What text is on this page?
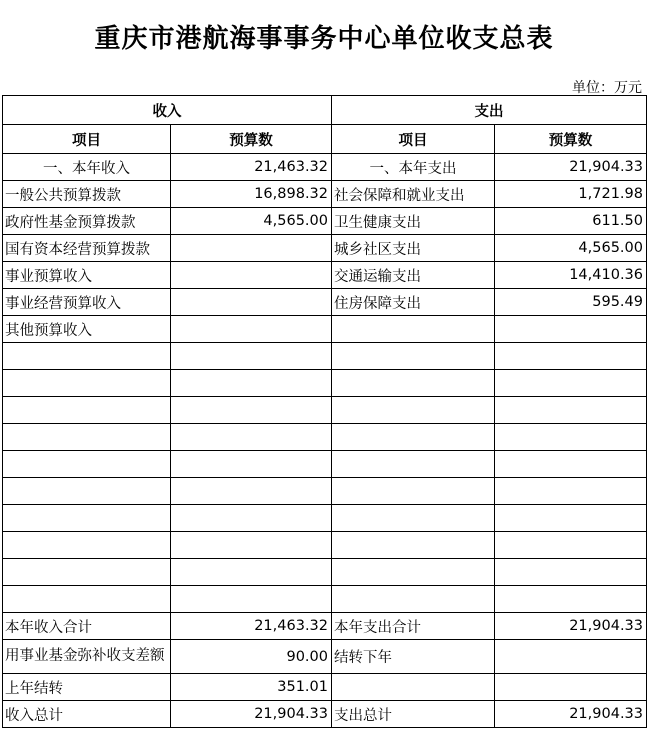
重庆市港航海事事务中心单位收支总表
单位：万元
收入		支出	
项目	预算数	项目	预算数
一、本年收入	21,463.32	一、本年支出	21,904.33
一般公共预算拨款	16,898.32	社会保障和就业支出	1,721.98
政府性基金预算拨款	4,565.00	卫生健康支出	611.50
国有资本经营预算拨款		城乡社区支出	4,565.00
事业预算收入		交通运输支出	14,410.36
事业经营预算收入		住房保障支出	595.49
其他预算收入			

本年收入合计	21,463.32	本年支出合计	21,904.33
用事业基金弥补收支差额	90.00	结转下年	
上年结转	351.01		
收入总计	21,904.33	支出总计	21,904.33
